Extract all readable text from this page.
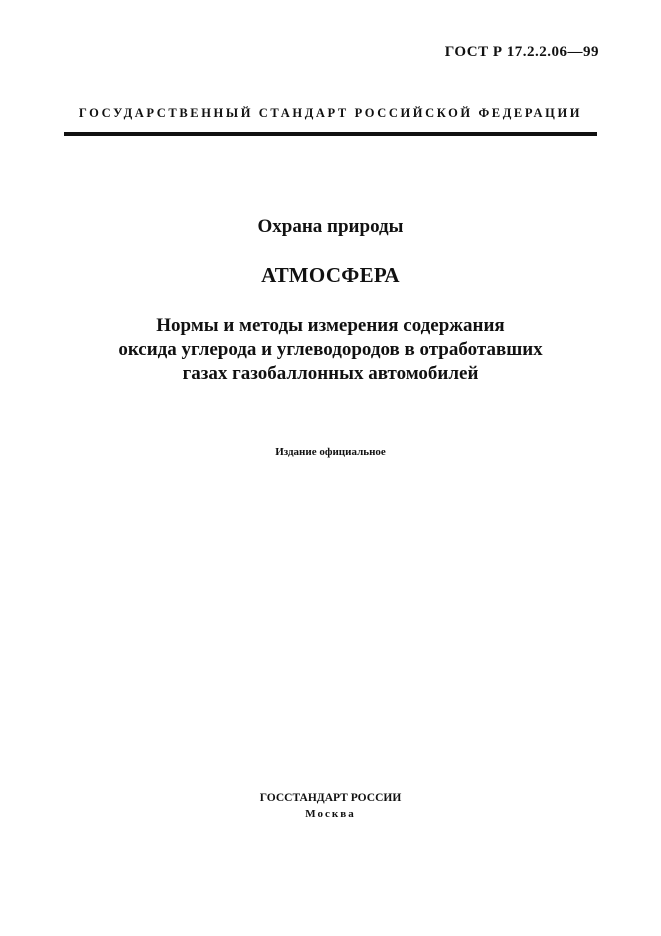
ГОСТ Р 17.2.2.06—99
ГОСУДАРСТВЕННЫЙ СТАНДАРТ РОССИЙСКОЙ ФЕДЕРАЦИИ
Охрана природы
АТМОСФЕРА
Нормы и методы измерения содержания
оксида углерода и углеводородов в отработавших
газах газобаллонных автомобилей
Издание официальное
ГОССТАНДАРТ РОССИИ
Москва
